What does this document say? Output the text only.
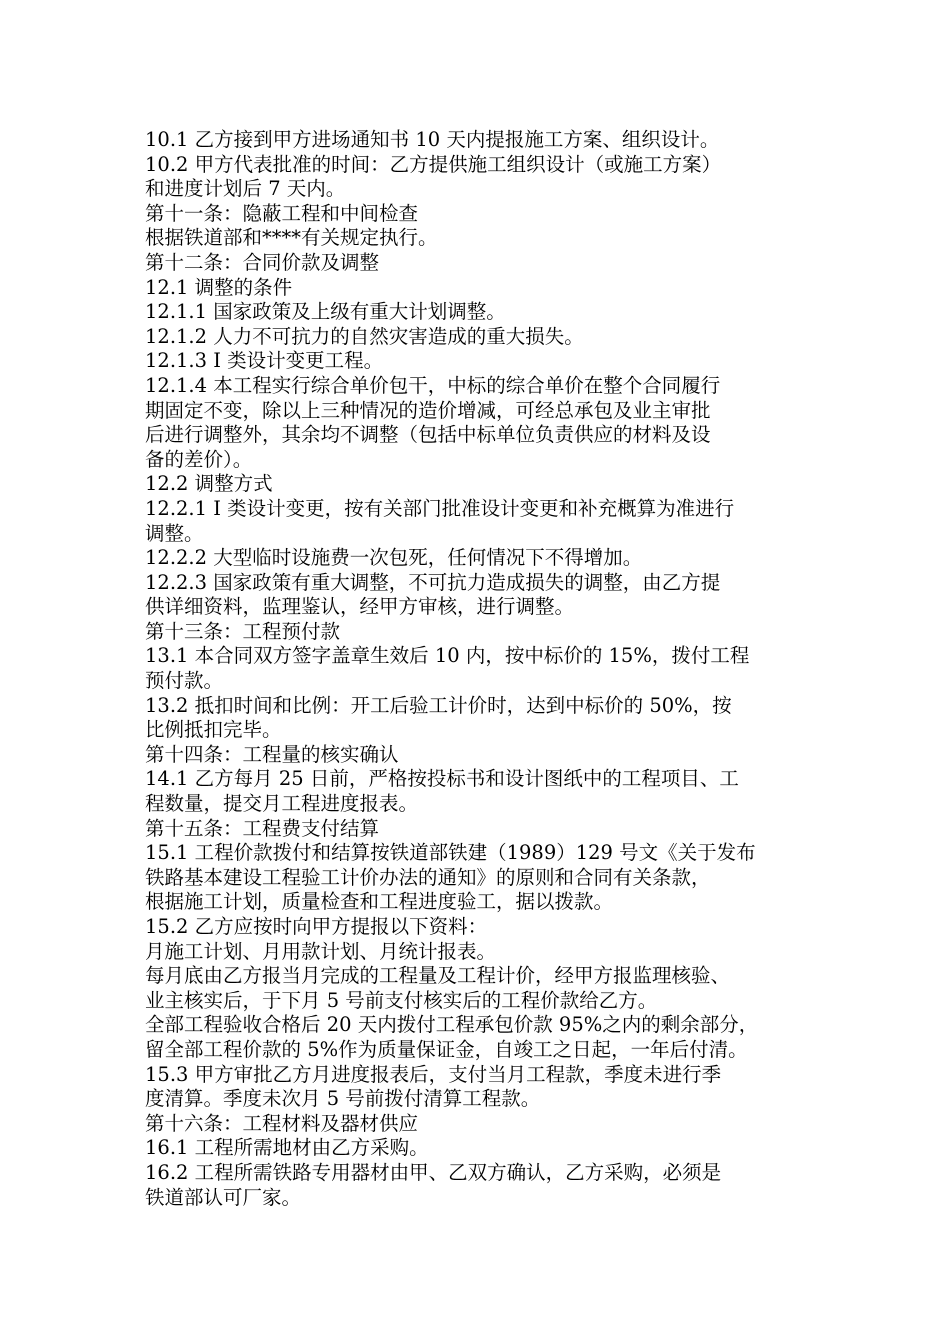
10.1 乙方接到甲方进场通知书 10 天内提报施工方案、组织设计。
10.2 甲方代表批准的时间：乙方提供施工组织设计（或施工方案）
和进度计划后 7 天内。
第十一条：隐蔽工程和中间检查
根据铁道部和****有关规定执行。
第十二条：合同价款及调整
12.1 调整的条件
12.1.1 国家政策及上级有重大计划调整。
12.1.2 人力不可抗力的自然灾害造成的重大损失。
12.1.3 I 类设计变更工程。
12.1.4 本工程实行综合单价包干，中标的综合单价在整个合同履行
期固定不变，除以上三种情况的造价增减，可经总承包及业主审批
后进行调整外，其余均不调整（包括中标单位负责供应的材料及设
备的差价）。
12.2 调整方式
12.2.1 I 类设计变更，按有关部门批准设计变更和补充概算为准进行
调整。
12.2.2 大型临时设施费一次包死，任何情况下不得增加。
12.2.3 国家政策有重大调整，不可抗力造成损失的调整，由乙方提
供详细资料，监理鉴认，经甲方审核，进行调整。
第十三条：工程预付款
13.1 本合同双方签字盖章生效后 10 内，按中标价的 15%，拨付工程
预付款。
13.2 抵扣时间和比例：开工后验工计价时，达到中标价的 50%，按
比例抵扣完毕。
第十四条：工程量的核实确认
14.1 乙方每月 25 日前，严格按投标书和设计图纸中的工程项目、工
程数量，提交月工程进度报表。
第十五条：工程费支付结算
15.1 工程价款拨付和结算按铁道部铁建（1989）129 号文《关于发布
铁路基本建设工程验工计价办法的通知》的原则和合同有关条款，
根据施工计划，质量检查和工程进度验工，据以拨款。
15.2 乙方应按时向甲方提报以下资料：
月施工计划、月用款计划、月统计报表。
每月底由乙方报当月完成的工程量及工程计价，经甲方报监理核验、
业主核实后，于下月 5 号前支付核实后的工程价款给乙方。
全部工程验收合格后 20 天内拨付工程承包价款 95%之内的剩余部分，
留全部工程价款的 5%作为质量保证金，自竣工之日起，一年后付清。
15.3 甲方审批乙方月进度报表后，支付当月工程款，季度未进行季
度清算。季度未次月 5 号前拨付清算工程款。
第十六条：工程材料及器材供应
16.1 工程所需地材由乙方采购。
16.2 工程所需铁路专用器材由甲、乙双方确认，乙方采购，必须是
铁道部认可厂家。
